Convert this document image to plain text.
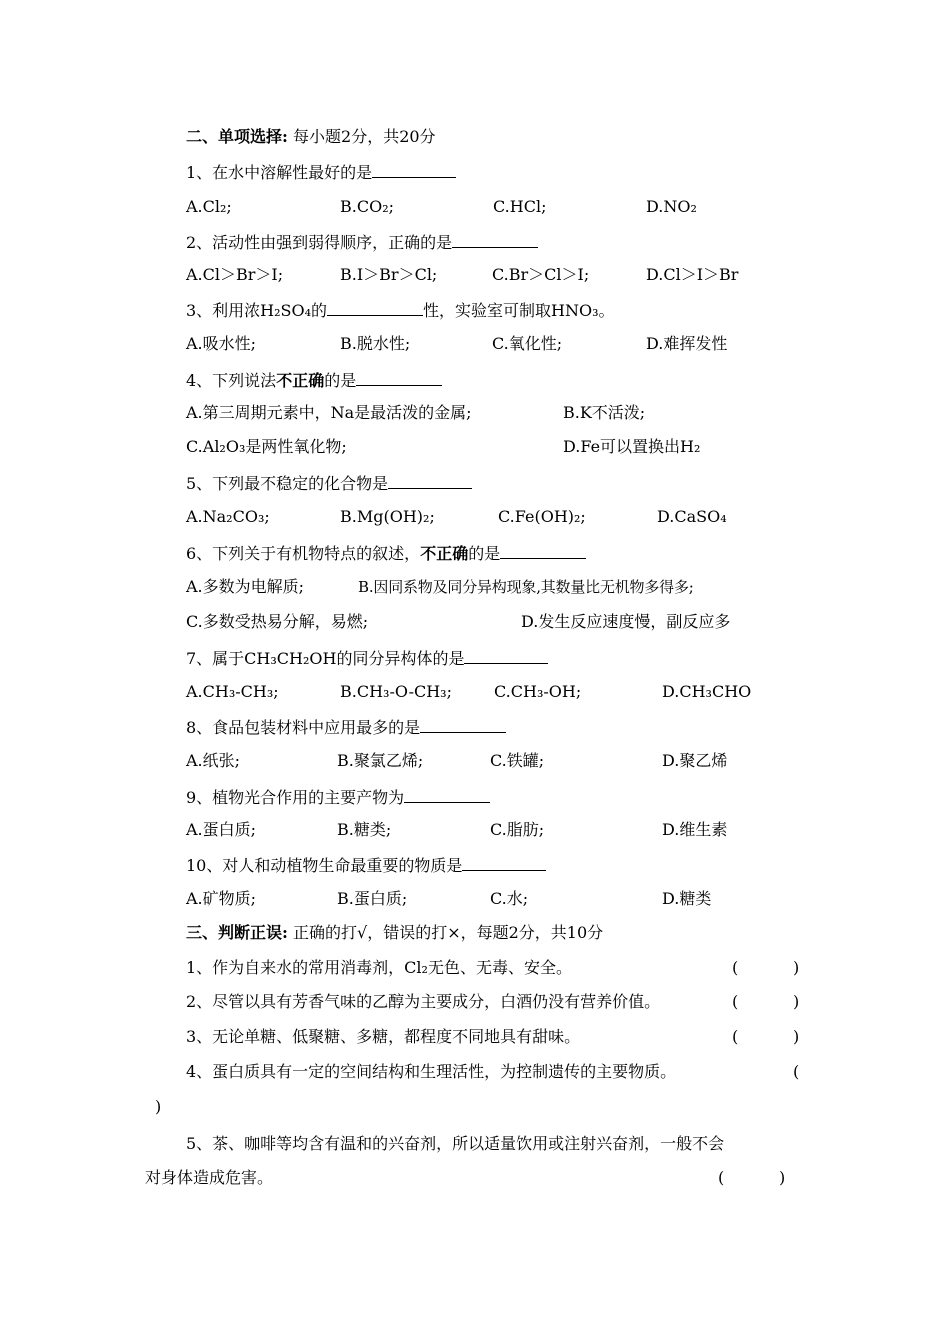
二、单项选择: 每小题2分，共20分
1、在水中溶解性最好的是
A.Cl₂;	B.CO₂;	C.HCl;	D.NO₂
2、活动性由强到弱得顺序，正确的是
A.Cl＞Br＞I;	B.I＞Br＞Cl;	C.Br＞Cl＞I;	D.Cl＞I＞Br
3、利用浓H₂SO₄的	性，实验室可制取HNO₃。
A.吸水性;	B.脱水性;	C.氧化性;	D.难挥发性
4、下列说法不正确的是
A.第三周期元素中，Na是最活泼的金属;	B.K不活泼;
C.Al₂O₃是两性氧化物;	D.Fe可以置换出H₂
5、下列最不稳定的化合物是
A.Na₂CO₃;	B.Mg(OH)₂;	C.Fe(OH)₂;	D.CaSO₄
6、下列关于有机物特点的叙述，不正确的是
A.多数为电解质;	B.因同系物及同分异构现象,其数量比无机物多得多;
C.多数受热易分解，易燃;	D.发生反应速度慢，副反应多
7、属于CH₃CH₂OH的同分异构体的是
A.CH₃-CH₃;	B.CH₃-O-CH₃;	C.CH₃-OH;	D.CH₃CHO
8、食品包装材料中应用最多的是
A.纸张;	B.聚氯乙烯;	C.铁罐;	D.聚乙烯
9、植物光合作用的主要产物为
A.蛋白质;	B.糖类;	C.脂肪;	D.维生素
10、对人和动植物生命最重要的物质是
A.矿物质;	B.蛋白质;	C.水;	D.糖类
三、判断正误: 正确的打√，错误的打×，每题2分，共10分
1、作为自来水的常用消毒剂，Cl₂无色、无毒、安全。	(	)
2、尽管以具有芳香气味的乙醇为主要成分，白酒仍没有营养价值。	(	)
3、无论单糖、低聚糖、多糖，都程度不同地具有甜味。	(	)
4、蛋白质具有一定的空间结构和生理活性，为控制遗传的主要物质。	(
)
5、茶、咖啡等均含有温和的兴奋剂，所以适量饮用或注射兴奋剂，一般不会
对身体造成危害。	(	)
